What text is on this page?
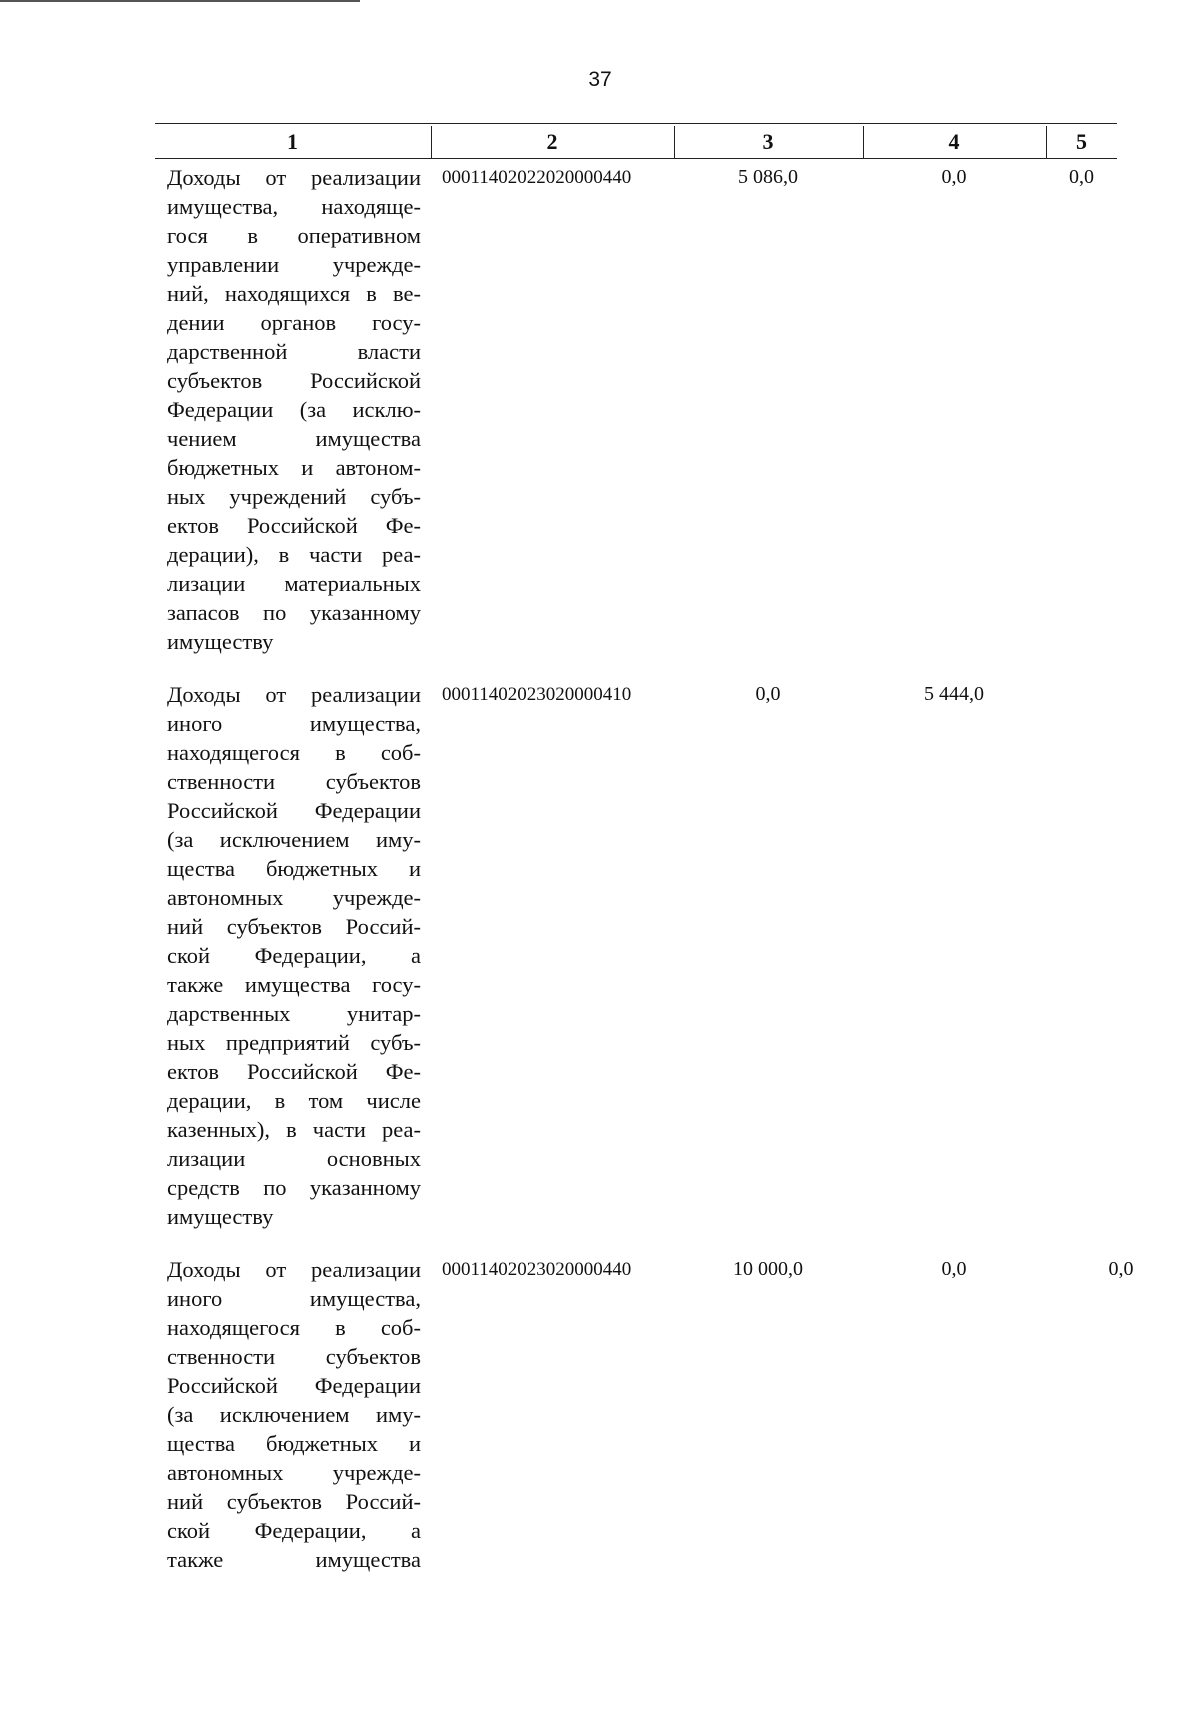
37
1	2	3	4	5
Доходы от реализации
имущества, находяще-
гося в оперативном
управлении учрежде-
ний, находящихся в ве-
дении органов госу-
дарственной власти
субъектов Российской
Федерации (за исклю-
чением имущества
бюджетных и автоном-
ных учреждений субъ-
ектов Российской Фе-
дерации), в части реа-
лизации материальных
запасов по указанному
имуществу
00011402022020000440	5 086,0	0,0	0,0
Доходы от реализации
иного имущества,
находящегося в соб-
ственности субъектов
Российской Федерации
(за исключением иму-
щества бюджетных и
автономных учрежде-
ний субъектов Россий-
ской Федерации, а
также имущества госу-
дарственных унитар-
ных предприятий субъ-
ектов Российской Фе-
дерации, в том числе
казенных), в части реа-
лизации основных
средств по указанному
имуществу
00011402023020000410	0,0	5 444,0
Доходы от реализации
иного имущества,
находящегося в соб-
ственности субъектов
Российской Федерации
(за исключением иму-
щества бюджетных и
автономных учрежде-
ний субъектов Россий-
ской Федерации, а
также имущества
00011402023020000440	10 000,0	0,0	0,0
